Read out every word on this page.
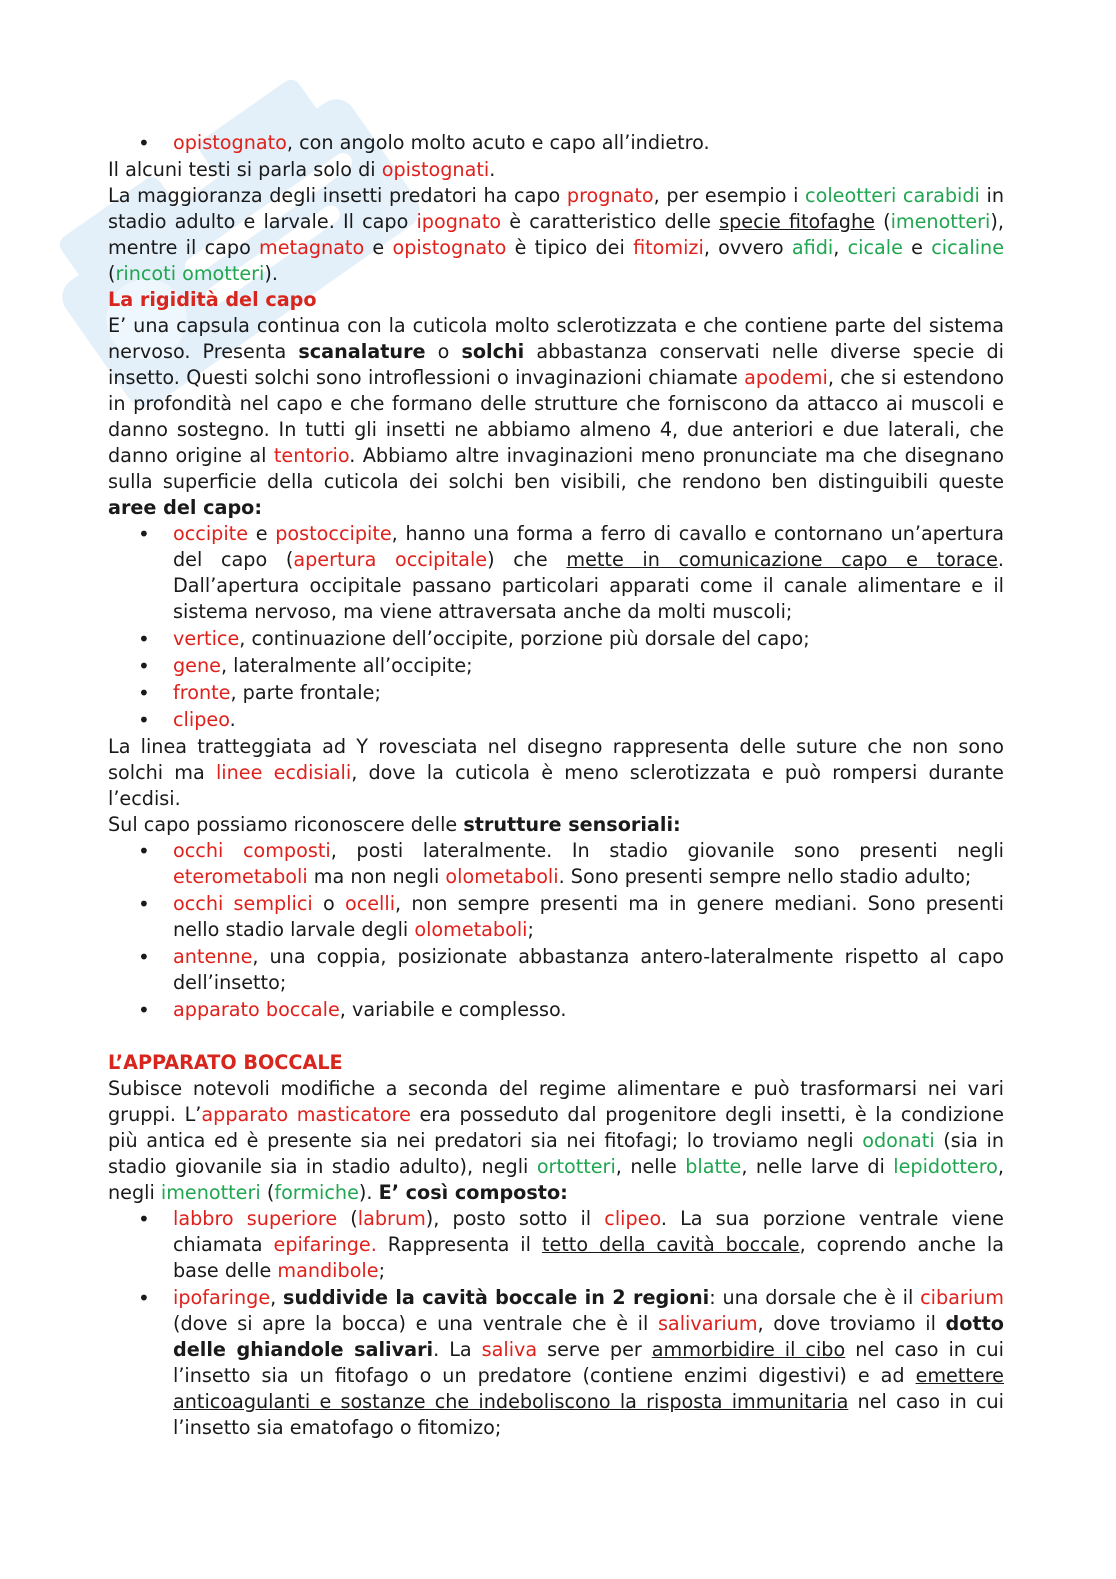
• opistognato, con angolo molto acuto e capo all’indietro.

Il alcuni testi si parla solo di opistognati.

La maggioranza degli insetti predatori ha capo prognato, per esempio i coleotteri carabidi in stadio adulto e larvale. Il capo ipognato è caratteristico delle specie fitofaghe (imenotteri), mentre il capo metagnato e opistognato è tipico dei fitomizi, ovvero afidi, cicale e cicaline (rincoti omotteri).

La rigidità del capo

E’ una capsula continua con la cuticola molto sclerotizzata e che contiene parte del sistema nervoso. Presenta scanalature o solchi abbastanza conservati nelle diverse specie di insetto. Questi solchi sono introflessioni o invaginazioni chiamate apodemi, che si estendono in profondità nel capo e che formano delle strutture che forniscono da attacco ai muscoli e danno sostegno. In tutti gli insetti ne abbiamo almeno 4, due anteriori e due laterali, che danno origine al tentorio. Abbiamo altre invaginazioni meno pronunciate ma che disegnano sulla superficie della cuticola dei solchi ben visibili, che rendono ben distinguibili queste aree del capo:

• occipite e postoccipite, hanno una forma a ferro di cavallo e contornano un’apertura del capo (apertura occipitale) che mette in comunicazione capo e torace. Dall’apertura occipitale passano particolari apparati come il canale alimentare e il sistema nervoso, ma viene attraversata anche da molti muscoli;
• vertice, continuazione dell’occipite, porzione più dorsale del capo;
• gene, lateralmente all’occipite;
• fronte, parte frontale;
• clipeo.

La linea tratteggiata ad Y rovesciata nel disegno rappresenta delle suture che non sono solchi ma linee ecdisiali, dove la cuticola è meno sclerotizzata e può rompersi durante l’ecdisi.

Sul capo possiamo riconoscere delle strutture sensoriali:

• occhi composti, posti lateralmente. In stadio giovanile sono presenti negli eterometaboli ma non negli olometaboli. Sono presenti sempre nello stadio adulto;
• occhi semplici o ocelli, non sempre presenti ma in genere mediani. Sono presenti nello stadio larvale degli olometaboli;
• antenne, una coppia, posizionate abbastanza antero-lateralmente rispetto al capo dell’insetto;
• apparato boccale, variabile e complesso.
L’APPARATO BOCCALE

Subisce notevoli modifiche a seconda del regime alimentare e può trasformarsi nei vari gruppi. L’apparato masticatore era posseduto dal progenitore degli insetti, è la condizione più antica ed è presente sia nei predatori sia nei fitofagi; lo troviamo negli odonati (sia in stadio giovanile sia in stadio adulto), negli ortotteri, nelle blatte, nelle larve di lepidottero, negli imenotteri (formiche). E’ così composto:

• labbro superiore (labrum), posto sotto il clipeo. La sua porzione ventrale viene chiamata epifaringe. Rappresenta il tetto della cavità boccale, coprendo anche la base delle mandibole;
• ipofaringe, suddivide la cavità boccale in 2 regioni: una dorsale che è il cibarium (dove si apre la bocca) e una ventrale che è il salivarium, dove troviamo il dotto delle ghiandole salivari. La saliva serve per ammorbidire il cibo nel caso in cui l’insetto sia un fitofago o un predatore (contiene enzimi digestivi) e ad emettere anticoagulanti e sostanze che indeboliscono la risposta immunitaria nel caso in cui l’insetto sia ematofago o fitomizo;
